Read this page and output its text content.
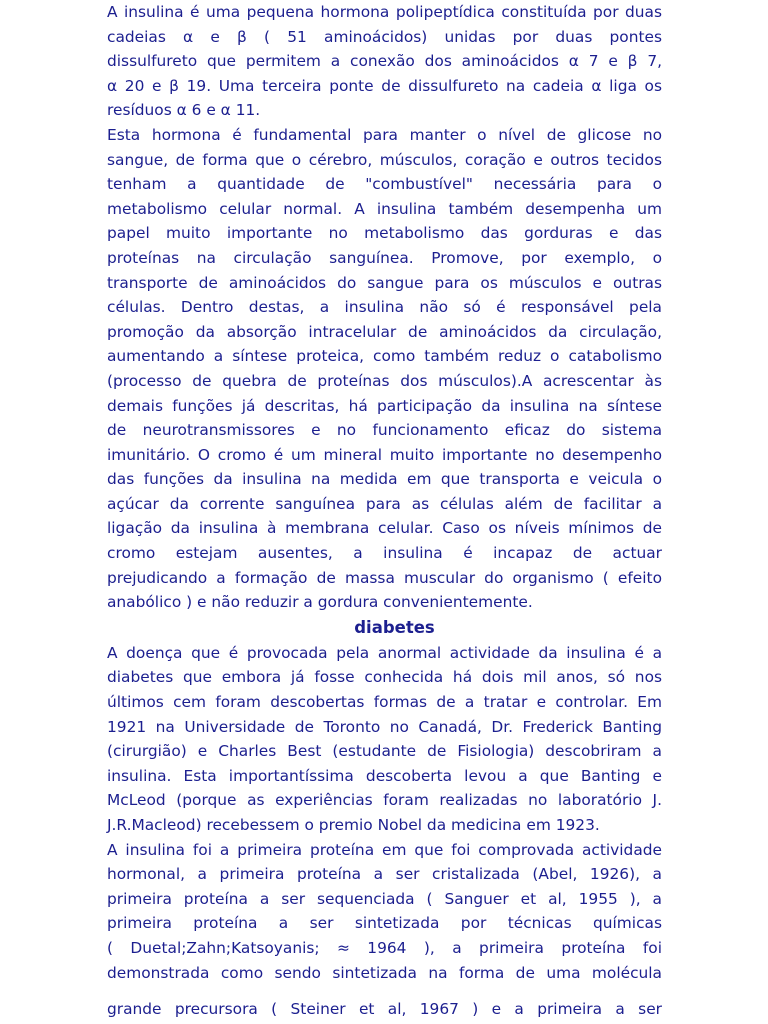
A insulina é uma pequena hormona polipeptídica constituída por duas
cadeias α e β ( 51 aminoácidos) unidas por duas pontes
dissulfureto que permitem a conexão dos aminoácidos α 7 e β 7,
α 20 e β 19. Uma terceira ponte de dissulfureto na cadeia α liga os
resíduos α 6 e α 11.

Esta hormona é fundamental para manter o nível de glicose no
sangue, de forma que o cérebro, músculos, coração e outros tecidos
tenham a quantidade de "combustível" necessária para o
metabolismo celular normal. A insulina também desempenha um
papel muito importante no metabolismo das gorduras e das
proteínas na circulação sanguínea. Promove, por exemplo, o
transporte de aminoácidos do sangue para os músculos e outras
células. Dentro destas, a insulina não só é responsável pela
promoção da absorção intracelular de aminoácidos da circulação,
aumentando a síntese proteica, como também reduz o catabolismo
(processo de quebra de proteínas dos músculos).A acrescentar às
demais funções já descritas, há participação da insulina na síntese
de neurotransmissores e no funcionamento eficaz do sistema
imunitário. O cromo é um mineral muito importante no desempenho
das funções da insulina na medida em que transporta e veicula o
açúcar da corrente sanguínea para as células além de facilitar a
ligação da insulina à membrana celular. Caso os níveis mínimos de
cromo estejam ausentes, a insulina é incapaz de actuar
prejudicando a formação de massa muscular do organismo ( efeito
anabólico ) e não reduzir a gordura convenientemente.

diabetes

A doença que é provocada pela anormal actividade da insulina é a
diabetes que embora já fosse conhecida há dois mil anos, só nos
últimos cem foram descobertas formas de a tratar e controlar. Em
1921 na Universidade de Toronto no Canadá, Dr. Frederick Banting
(cirurgião) e Charles Best (estudante de Fisiologia) descobriram a
insulina. Esta importantíssima descoberta levou a que Banting e
McLeod (porque as experiências foram realizadas no laboratório J.
J.R.Macleod) recebessem o premio Nobel da medicina em 1923.

A insulina foi a primeira proteína em que foi comprovada actividade
hormonal, a primeira proteína a ser cristalizada (Abel, 1926), a
primeira proteína a ser sequenciada ( Sanguer et al, 1955 ), a
primeira proteína a ser sintetizada por técnicas químicas
( Duetal;Zahn;Katsoyanis; ≈ 1964 ), a primeira proteína foi
demonstrada como sendo sintetizada na forma de uma molécula

grande precursora ( Steiner et al, 1967 ) e a primeira a ser
